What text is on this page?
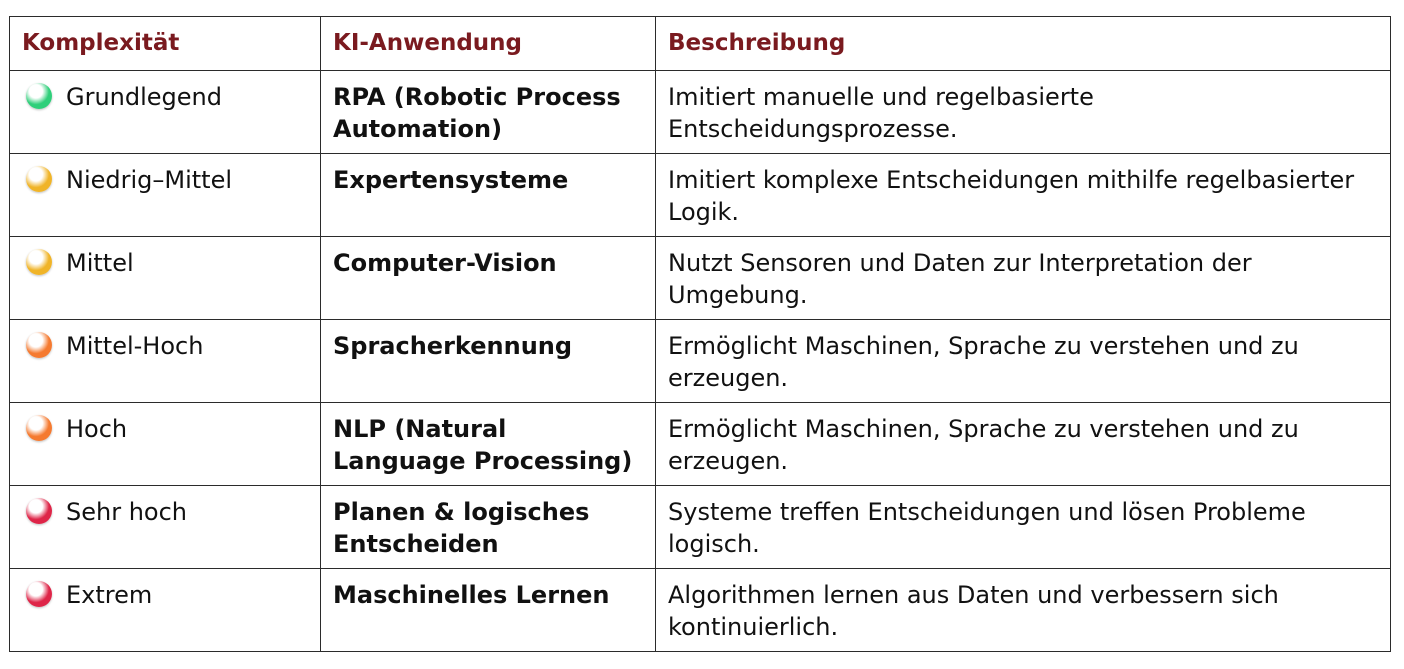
Komplexität	KI-Anwendung	Beschreibung
Grundlegend	RPA (Robotic Process Automation)	Imitiert manuelle und regelbasierte Entscheidungsprozesse.
Niedrig–Mittel	Expertensysteme	Imitiert komplexe Entscheidungen mithilfe regelbasierter Logik.
Mittel	Computer-Vision	Nutzt Sensoren und Daten zur Interpretation der Umgebung.
Mittel-Hoch	Spracherkennung	Ermöglicht Maschinen, Sprache zu verstehen und zu erzeugen.
Hoch	NLP (Natural Language Processing)	Ermöglicht Maschinen, Sprache zu verstehen und zu erzeugen.
Sehr hoch	Planen & logisches Entscheiden	Systeme treffen Entscheidungen und lösen Probleme logisch.
Extrem	Maschinelles Lernen	Algorithmen lernen aus Daten und verbessern sich kontinuierlich.
